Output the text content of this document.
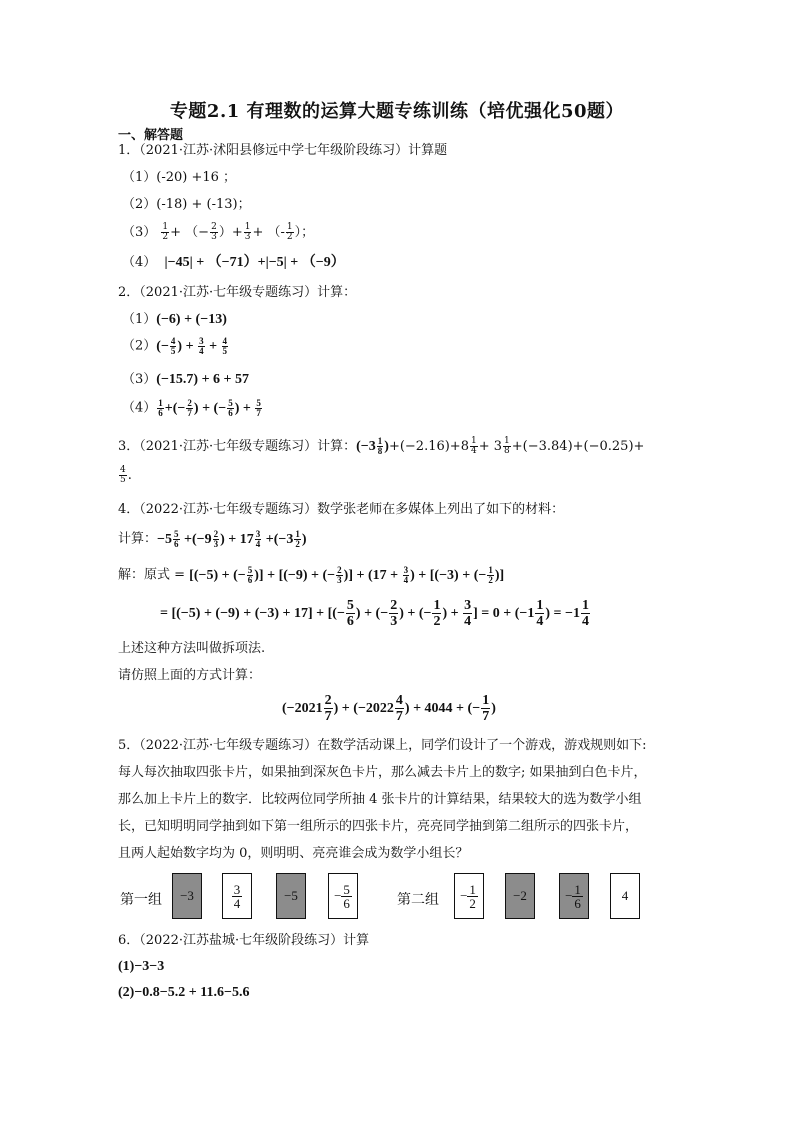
专题2.1 有理数的运算大题专练训练（培优强化50题）
一、解答题
1．（2021·江苏·沭阳县修远中学七年级阶段练习）计算题
（1）(-20) +16 ；
（2）(-18) + (-13)；
$(3) \frac{1}{2}$ + （− $\frac{2}{3}$ ）+ $\frac{1}{3}$ + （- $\frac{1}{2}$ ）；
（4） |−45| + （−71）+|−5| + （−9）
2．（2021·江苏·七年级专题练习）计算：
（1）(−6) + (−13)
$(2)(- \frac{4}{5}$ ) + $\frac{3}{4} + \frac{4}{5}$
（3）(−15.7) + 6 + 57
$(4) \frac{1}{6}$ +(− $\frac{2}{7}$ ) + (− $\frac{5}{6}$ ) + $\frac{5}{7}$
3．（2021·江苏·七年级专题练习）计算：$(-3 \frac{1}{8} )+(-2.16)+8 \frac{1}{4} + 3 \frac{1}{8} +(-3.84)+(-0.25)+$
$\frac{4}{5}$ .
4．（2022·江苏·七年级专题练习）数学张老师在多媒体上列出了如下的材料：
计算：$-5 \frac{5}{6} +(-9 \frac{2}{3}$ ) + $17 \frac{3}{4} +(-3 \frac{1}{2}$ )
解：原式 = [(−5) + (− $\frac{5}{6}$ )] + [(−9) + (− $\frac{2}{3}$ )] + ($17 + \frac{3}{4}$ ) + [(−3) + (− $\frac{1}{2}$ )]
= [(−5) + (−9) + (−3) + 17] + [(− $\frac{5}{6}$ ) + (− $\frac{2}{3}$ ) + (− $\frac{1}{2}$ ) + $\frac{3}{4}$ ] = $0 + (-1 \frac{1}{4}$ ) = $-1 \frac{1}{4}$
上述这种方法叫做拆项法.
请仿照上面的方式计算：
($-2021 \frac{2}{7}$ ) + ($-2022 \frac{4}{7}$ ) + 4044 + (− $\frac{1}{7}$ )
5．（2022·江苏·七年级专题练习）在数学活动课上，同学们设计了一个游戏，游戏规则如下:
每人每次抽取四张卡片，如果抽到深灰色卡片，那么减去卡片上的数字; 如果抽到白色卡片，
那么加上卡片上的数字．比较两位同学所抽 4 张卡片的计算结果，结果较大的选为数学小组
长，已知明明同学抽到如下第一组所示的四张卡片，亮亮同学抽到第二组所示的四张卡片，
且两人起始数字均为 0，则明明、亮亮谁会成为数学小组长？
第一组	−3	3
4	−5	− 5
6	第二组	− 1
2	−2	− 1
6	4
6．（2022·江苏盐城·七年级阶段练习）计算
(1)−3−3
(2)−0.8−5.2 + 11.6−5.6
